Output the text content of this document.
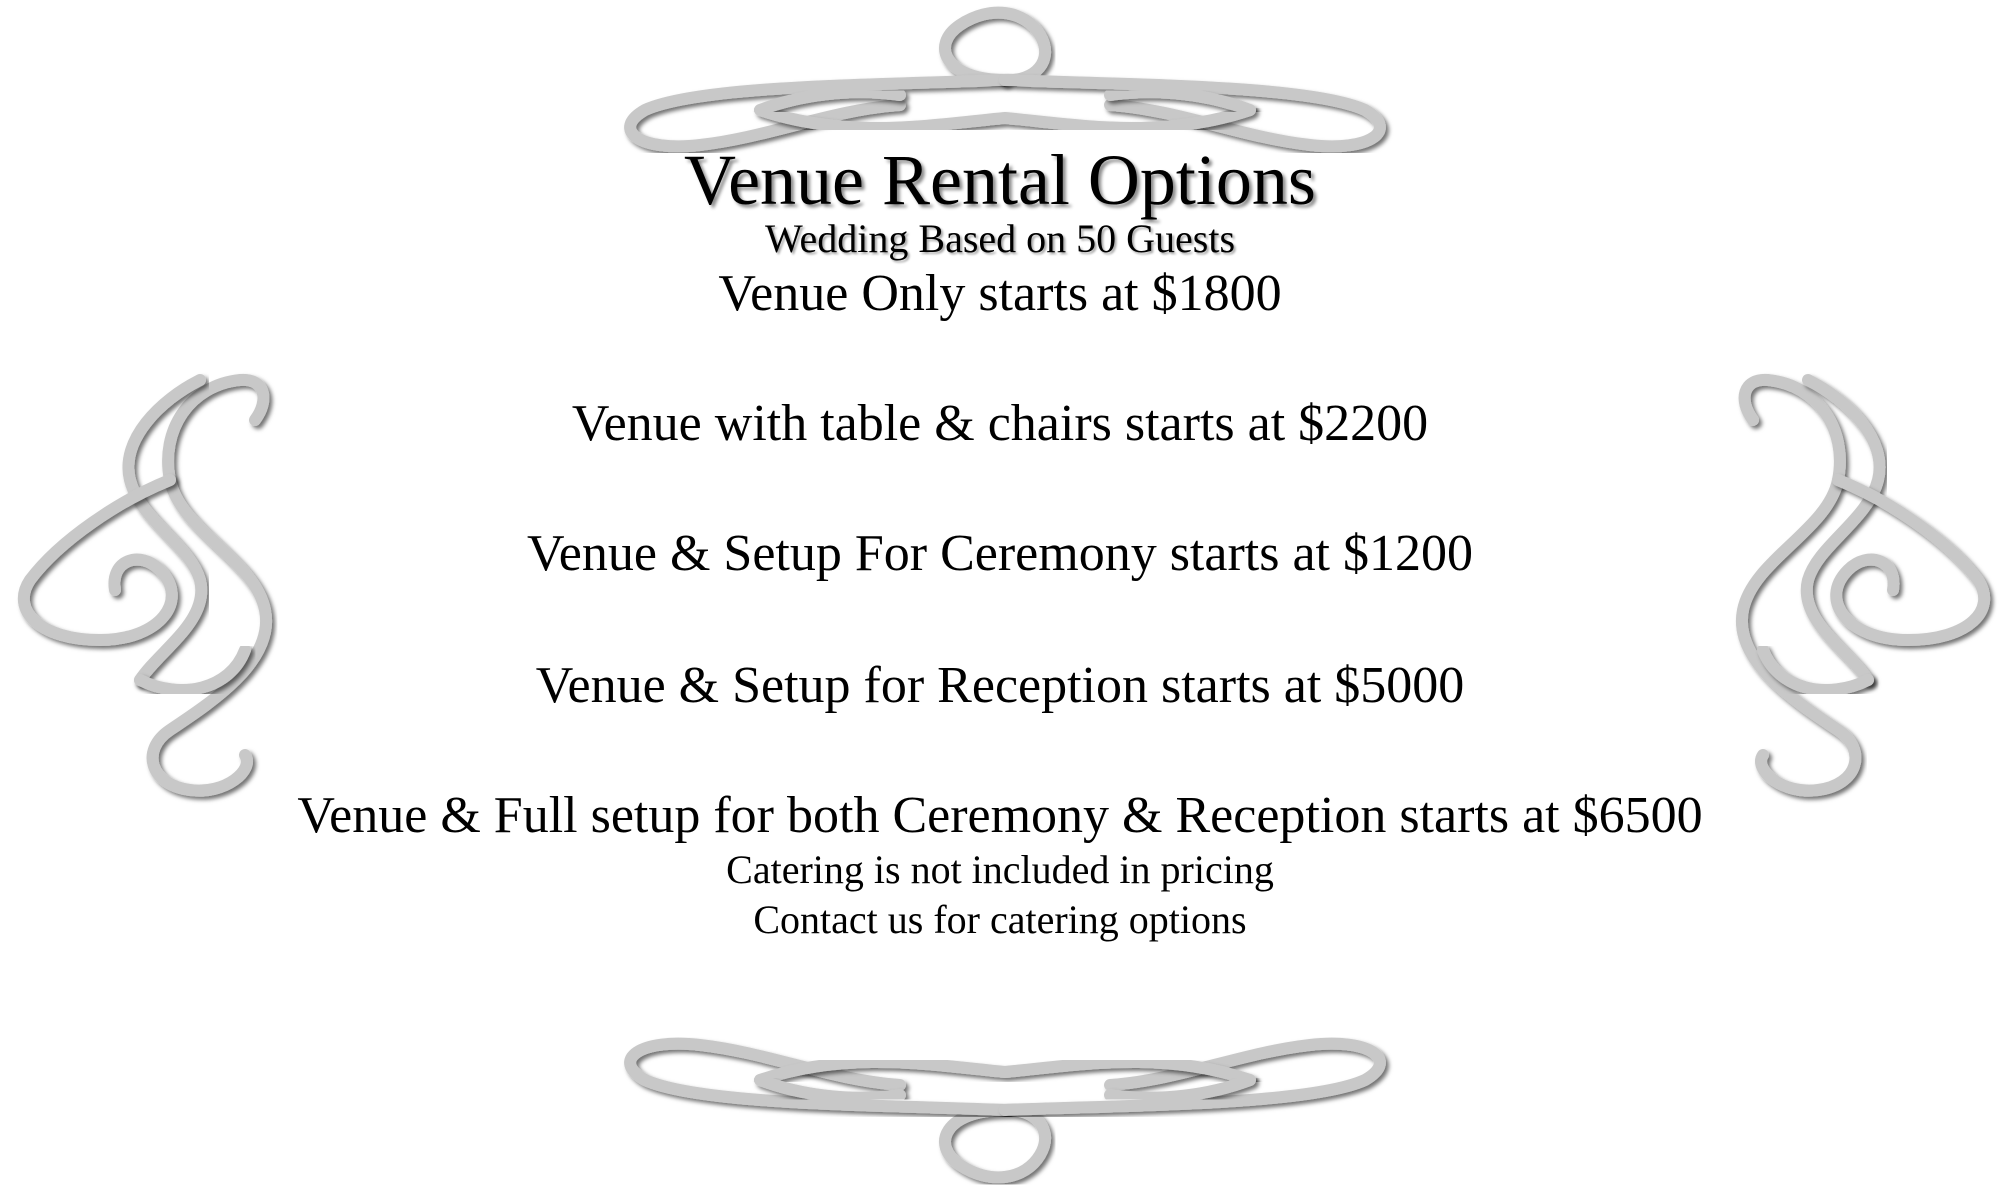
Venue Rental Options
Wedding Based on 50 Guests
Venue Only starts at $1800
Venue with table & chairs starts at $2200
Venue & Setup For Ceremony starts at $1200
Venue & Setup for Reception starts at $5000
Venue & Full setup for both Ceremony & Reception starts at $6500
Catering is not included in pricing
Contact us for catering options
